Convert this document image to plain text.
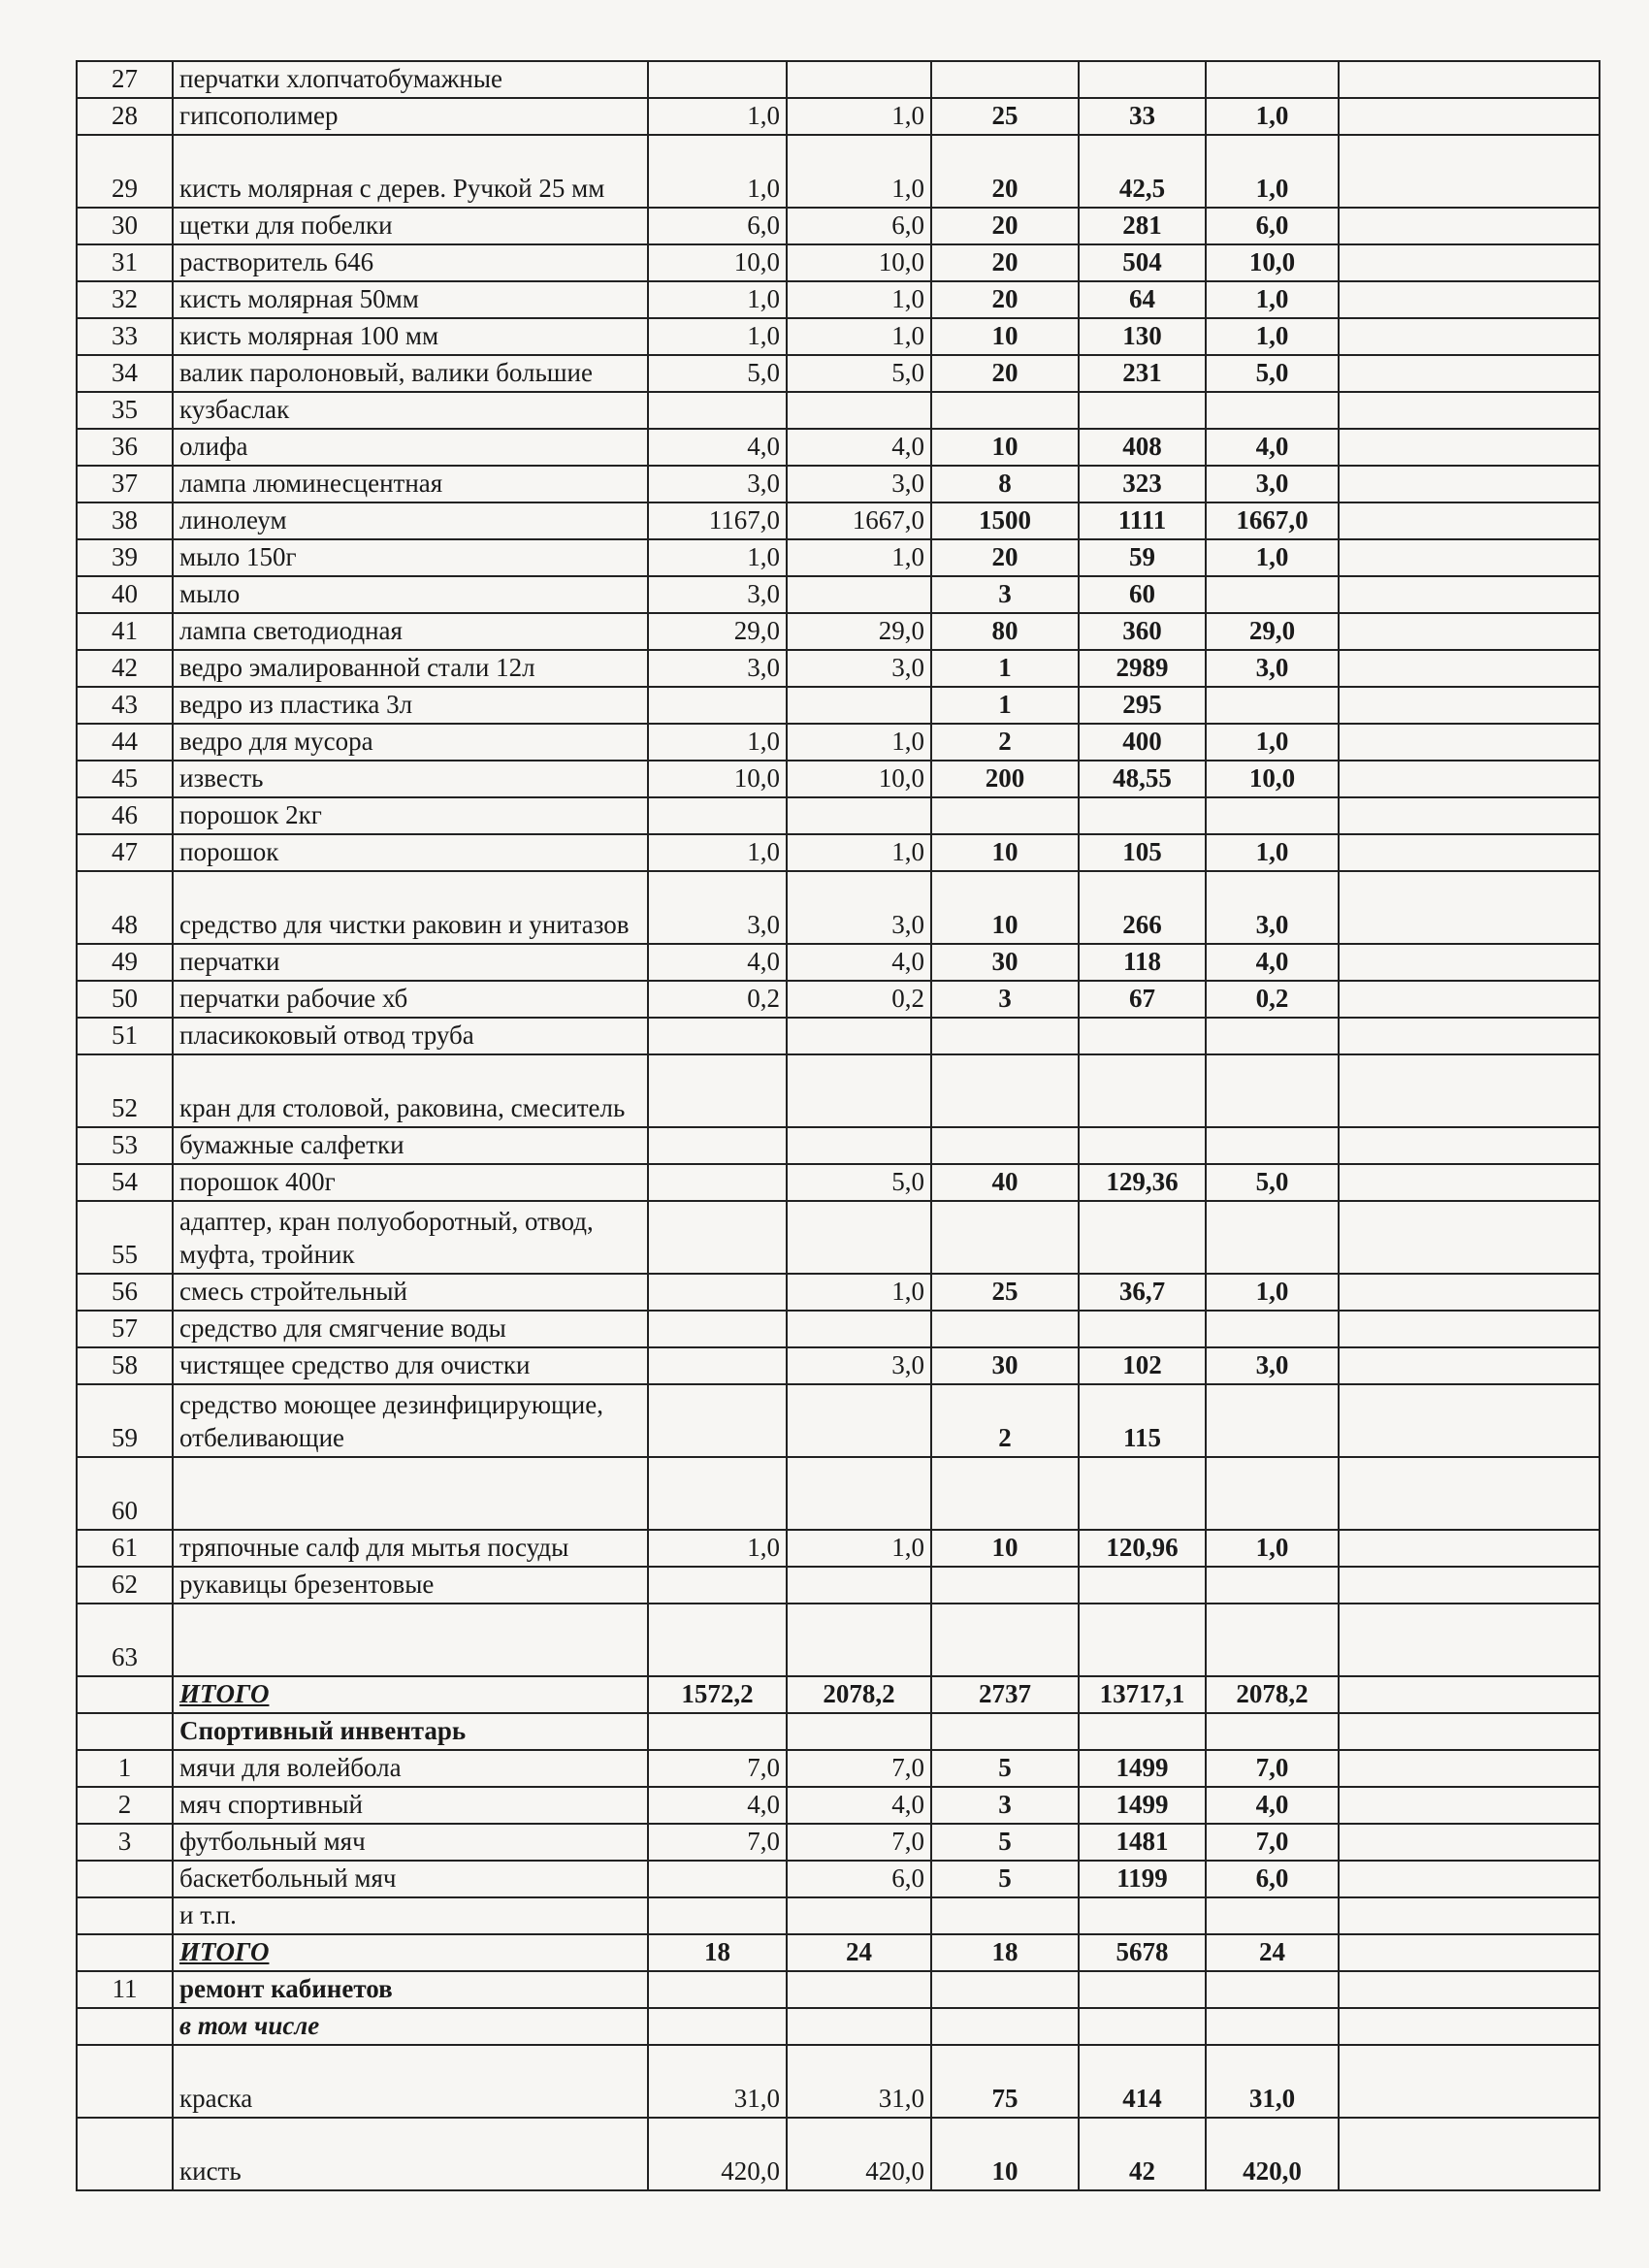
27	перчатки хлопчатобумажные						
28	гипсополимер	1,0	1,0	25	33	1,0	
29	кисть молярная с дерев. Ручкой 25 мм	1,0	1,0	20	42,5	1,0	
30	щетки для побелки	6,0	6,0	20	281	6,0	
31	растворитель 646	10,0	10,0	20	504	10,0	
32	кисть молярная 50мм	1,0	1,0	20	64	1,0	
33	кисть молярная 100 мм	1,0	1,0	10	130	1,0	
34	валик паролоновый, валики большие	5,0	5,0	20	231	5,0	
35	кузбаслак						
36	олифа	4,0	4,0	10	408	4,0	
37	лампа люминесцентная	3,0	3,0	8	323	3,0	
38	линолеум	1167,0	1667,0	1500	1111	1667,0	
39	мыло 150г	1,0	1,0	20	59	1,0	
40	мыло	3,0		3	60		
41	лампа светодиодная	29,0	29,0	80	360	29,0	
42	ведро эмалированной стали 12л	3,0	3,0	1	2989	3,0	
43	ведро из пластика 3л			1	295		
44	ведро для мусора	1,0	1,0	2	400	1,0	
45	известь	10,0	10,0	200	48,55	10,0	
46	порошок 2кг						
47	порошок	1,0	1,0	10	105	1,0	
48	средство для чистки раковин и унитазов	3,0	3,0	10	266	3,0	
49	перчатки	4,0	4,0	30	118	4,0	
50	перчатки рабочие хб	0,2	0,2	3	67	0,2	
51	пласикоковый отвод труба						
52	кран для столовой, раковина, смеситель						
53	бумажные салфетки						
54	порошок 400г		5,0	40	129,36	5,0	
55	адаптер, кран полуоборотный, отвод, муфта, тройник						
56	смесь стройтельный		1,0	25	36,7	1,0	
57	средство для смягчение воды						
58	чистящее средство для очистки		3,0	30	102	3,0	
59	средство моющее дезинфицирующие, отбеливающие			2	115		
60							
61	тряпочные салф для мытья посуды	1,0	1,0	10	120,96	1,0	
62	рукавицы брезентовые						
63							
	ИТОГО	1572,2	2078,2	2737	13717,1	2078,2	
	Спортивный инвентарь						
1	мячи для волейбола	7,0	7,0	5	1499	7,0	
2	мяч спортивный	4,0	4,0	3	1499	4,0	
3	футбольный мяч	7,0	7,0	5	1481	7,0	
	баскетбольный мяч		6,0	5	1199	6,0	
	и т.п.						
	ИТОГО	18	24	18	5678	24	
11	ремонт кабинетов						
	в том числе						
	краска	31,0	31,0	75	414	31,0	
	кисть	420,0	420,0	10	42	420,0	
